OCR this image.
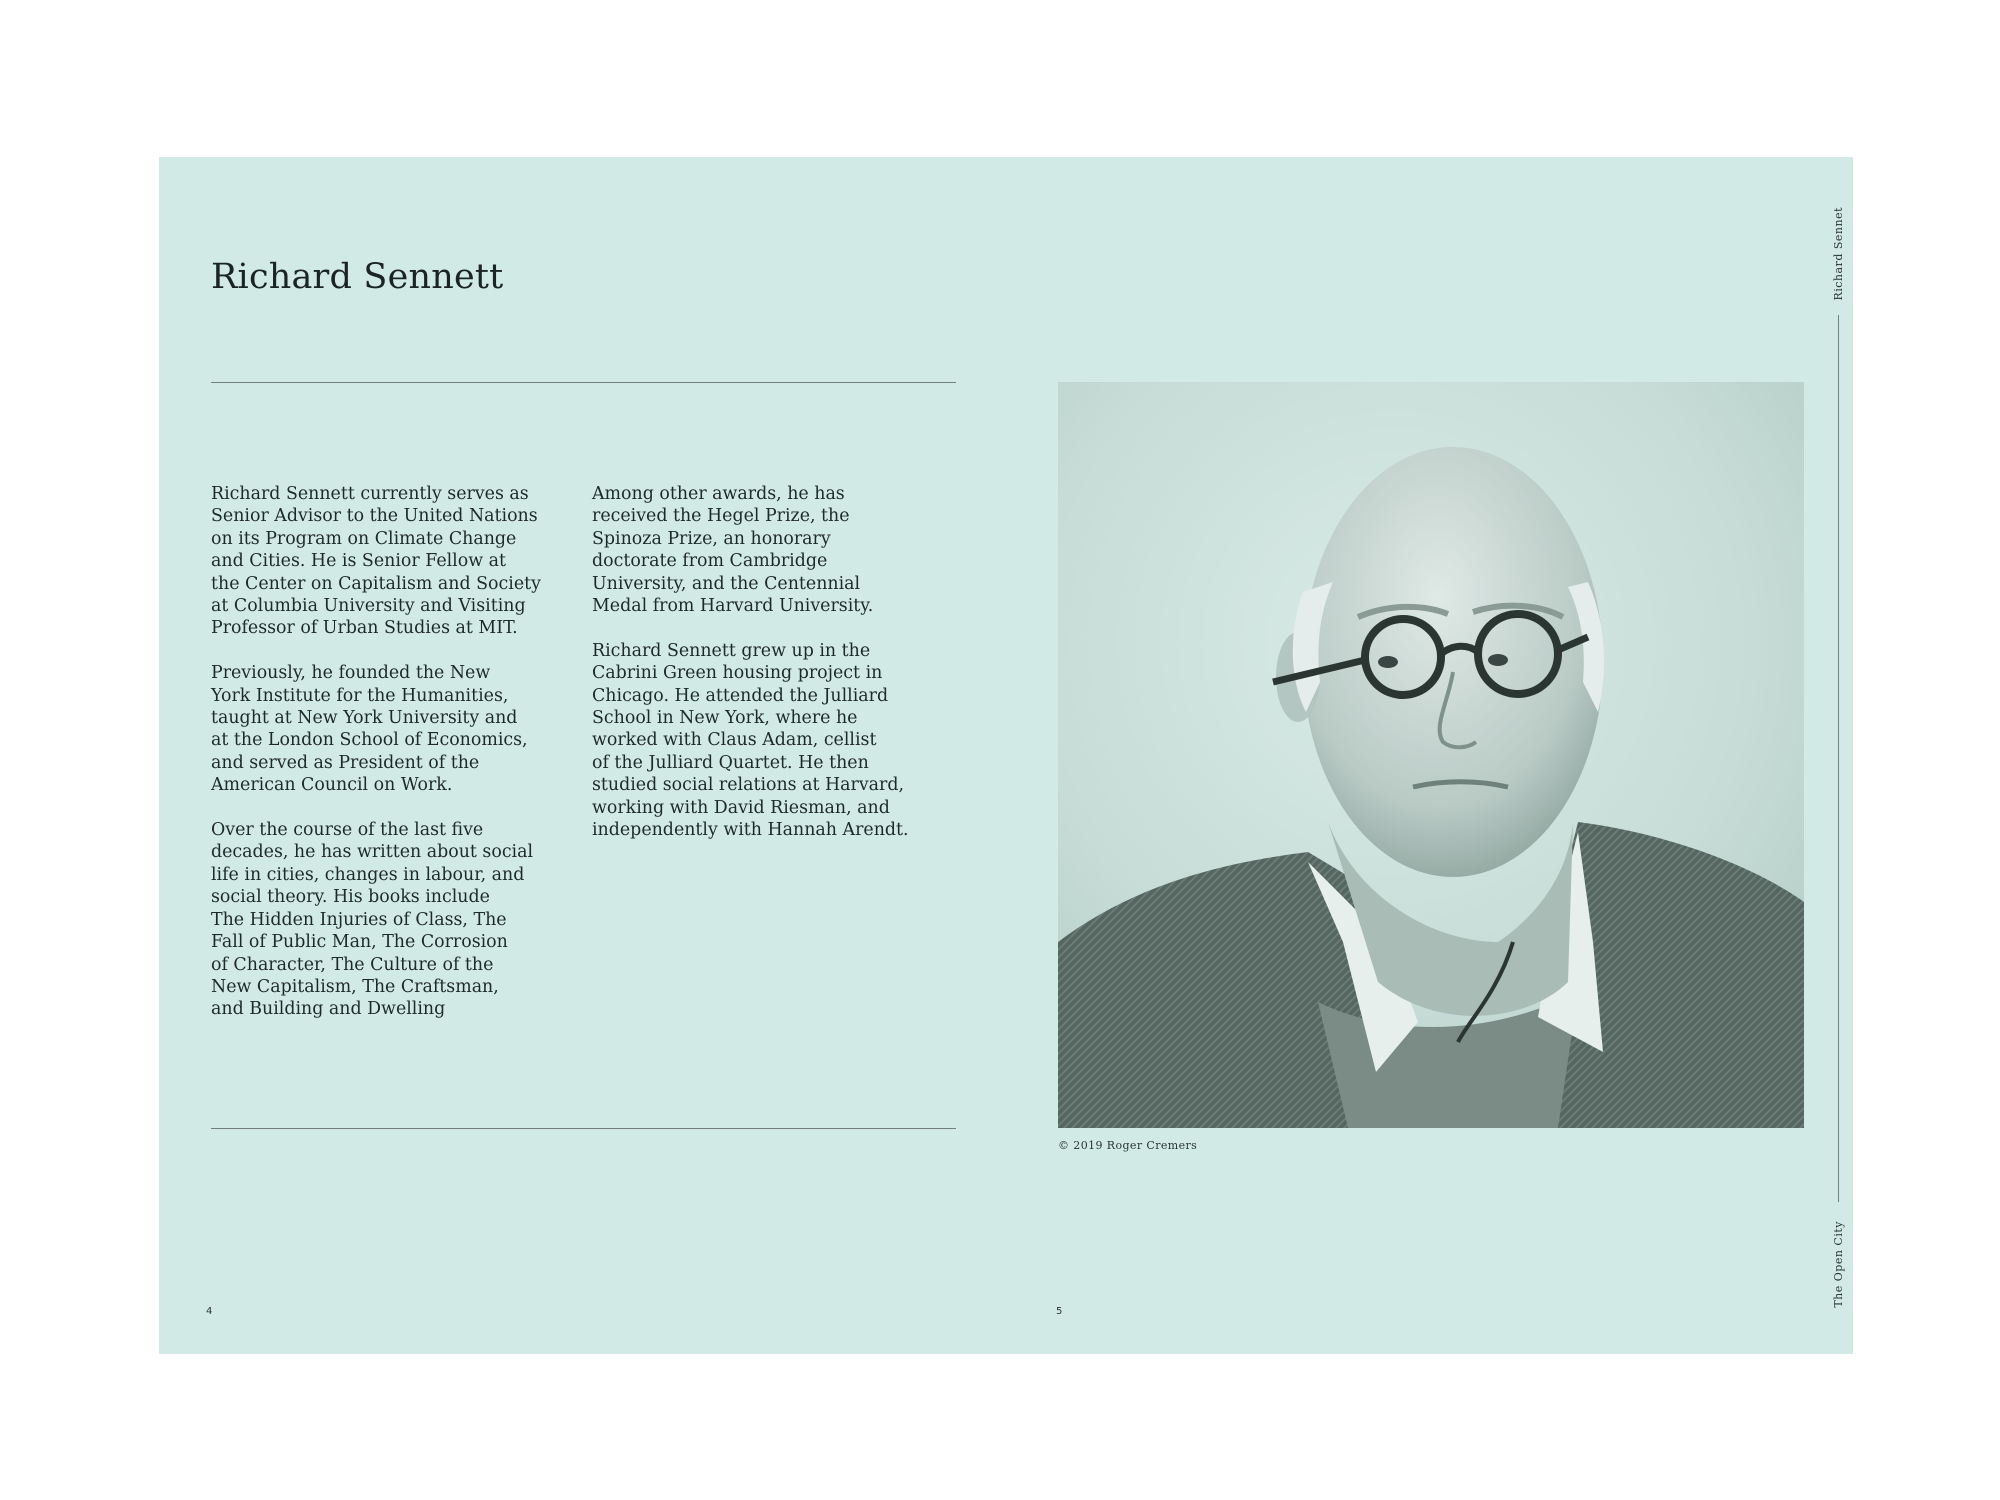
Richard Sennett

Richard Sennett currently serves as
Senior Advisor to the United Nations
on its Program on Climate Change
and Cities. He is Senior Fellow at
the Center on Capitalism and Society
at Columbia University and Visiting
Professor of Urban Studies at MIT.

Previously, he founded the New
York Institute for the Humanities,
taught at New York University and
at the London School of Economics,
and served as President of the
American Council on Work.

Over the course of the last five
decades, he has written about social
life in cities, changes in labour, and
social theory. His books include
The Hidden Injuries of Class, The
Fall of Public Man, The Corrosion
of Character, The Culture of the
New Capitalism, The Craftsman,
and Building and Dwelling

Among other awards, he has
received the Hegel Prize, the
Spinoza Prize, an honorary
doctorate from Cambridge
University, and the Centennial
Medal from Harvard University.

Richard Sennett grew up in the
Cabrini Green housing project in
Chicago. He attended the Julliard
School in New York, where he
worked with Claus Adam, cellist
of the Julliard Quartet. He then
studied social relations at Harvard,
working with David Riesman, and
independently with Hannah Arendt.

© 2019 Roger Cremers
4	5
Richard Sennet
The Open City
